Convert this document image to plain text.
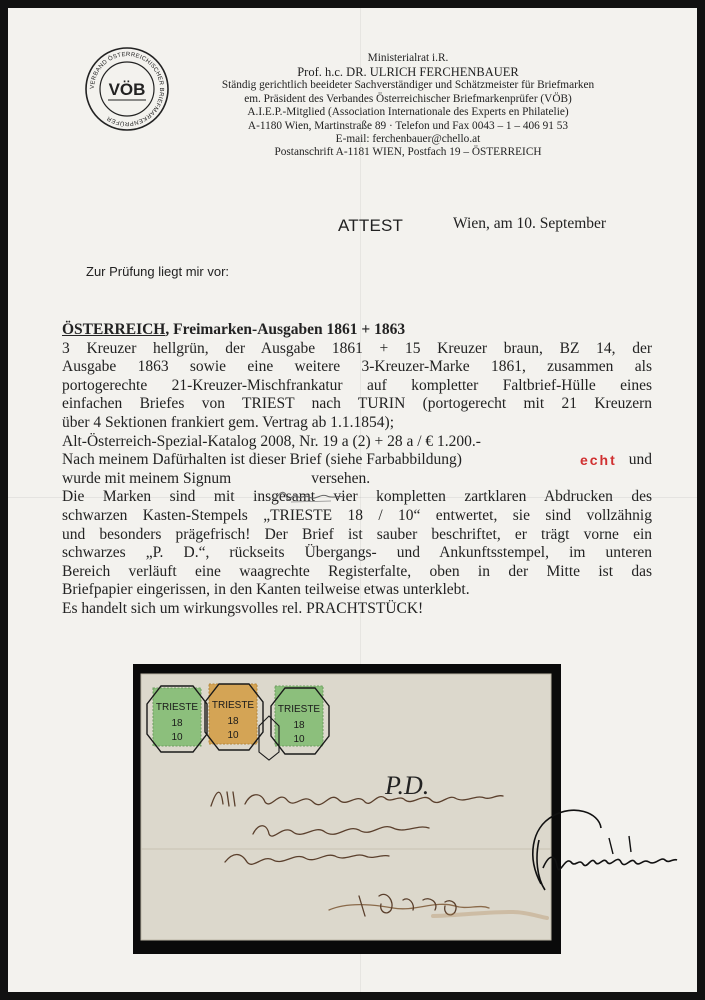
VERBAND ÖSTERREICHISCHER BRIEFMARKENPRÜFER
VÖB
Ministerialrat i.R.
Prof. h.c. DR. ULRICH FERCHENBAUER
Ständig gerichtlich beeideter Sachverständiger und Schätzmeister für Briefmarken
em. Präsident des Verbandes Österreichischer Briefmarkenprüfer (VÖB)
A.I.E.P.-Mitglied (Association Internationale des Experts en Philatelie)
A-1180 Wien, Martinstraße 89 · Telefon und Fax 0043 – 1 – 406 91 53
E-mail: ferchenbauer@chello.at
Postanschrift A-1181 WIEN, Postfach 19 – ÖSTERREICH
ATTEST	Wien, am 10. September
Zur Prüfung liegt mir vor:
ÖSTERREICH, Freimarken-Ausgaben 1861 + 1863
3 Kreuzer hellgrün, der Ausgabe 1861 + 15 Kreuzer braun, BZ 14, der
Ausgabe 1863 sowie eine weitere 3-Kreuzer-Marke 1861, zusammen als
portogerechte 21-Kreuzer-Mischfrankatur auf kompletter Faltbrief-Hülle eines
einfachen Briefes von TRIEST nach TURIN (portogerecht mit 21 Kreuzern
über 4 Sektionen frankiert gem. Vertrag ab 1.1.1854);
Alt-Österreich-Spezial-Katalog 2008, Nr. 19 a (2) + 28 a / € 1.200.-
Nach meinem Dafürhalten ist dieser Brief (siehe Farbabbildung)	echt und
wurde mit meinem Signum	versehen.
Die Marken sind mit insgesamt vier kompletten zartklaren Abdrucken des
schwarzen Kasten-Stempels „TRIESTE 18 / 10“ entwertet, sie sind vollzähnig
und besonders prägefrisch! Der Brief ist sauber beschriftet, er trägt vorne ein
schwarzes „P. D.“, rückseits Übergangs- und Ankunftsstempel, im unteren
Bereich verläuft eine waagrechte Registerfalte, oben in der Mitte ist das
Briefpapier eingerissen, in den Kanten teilweise etwas unterklebt.
Es handelt sich um wirkungsvolles rel. PRACHTSTÜCK!
TRIESTE
18
10
TRIESTE
18
10
TRIESTE
18
10
P.D.
